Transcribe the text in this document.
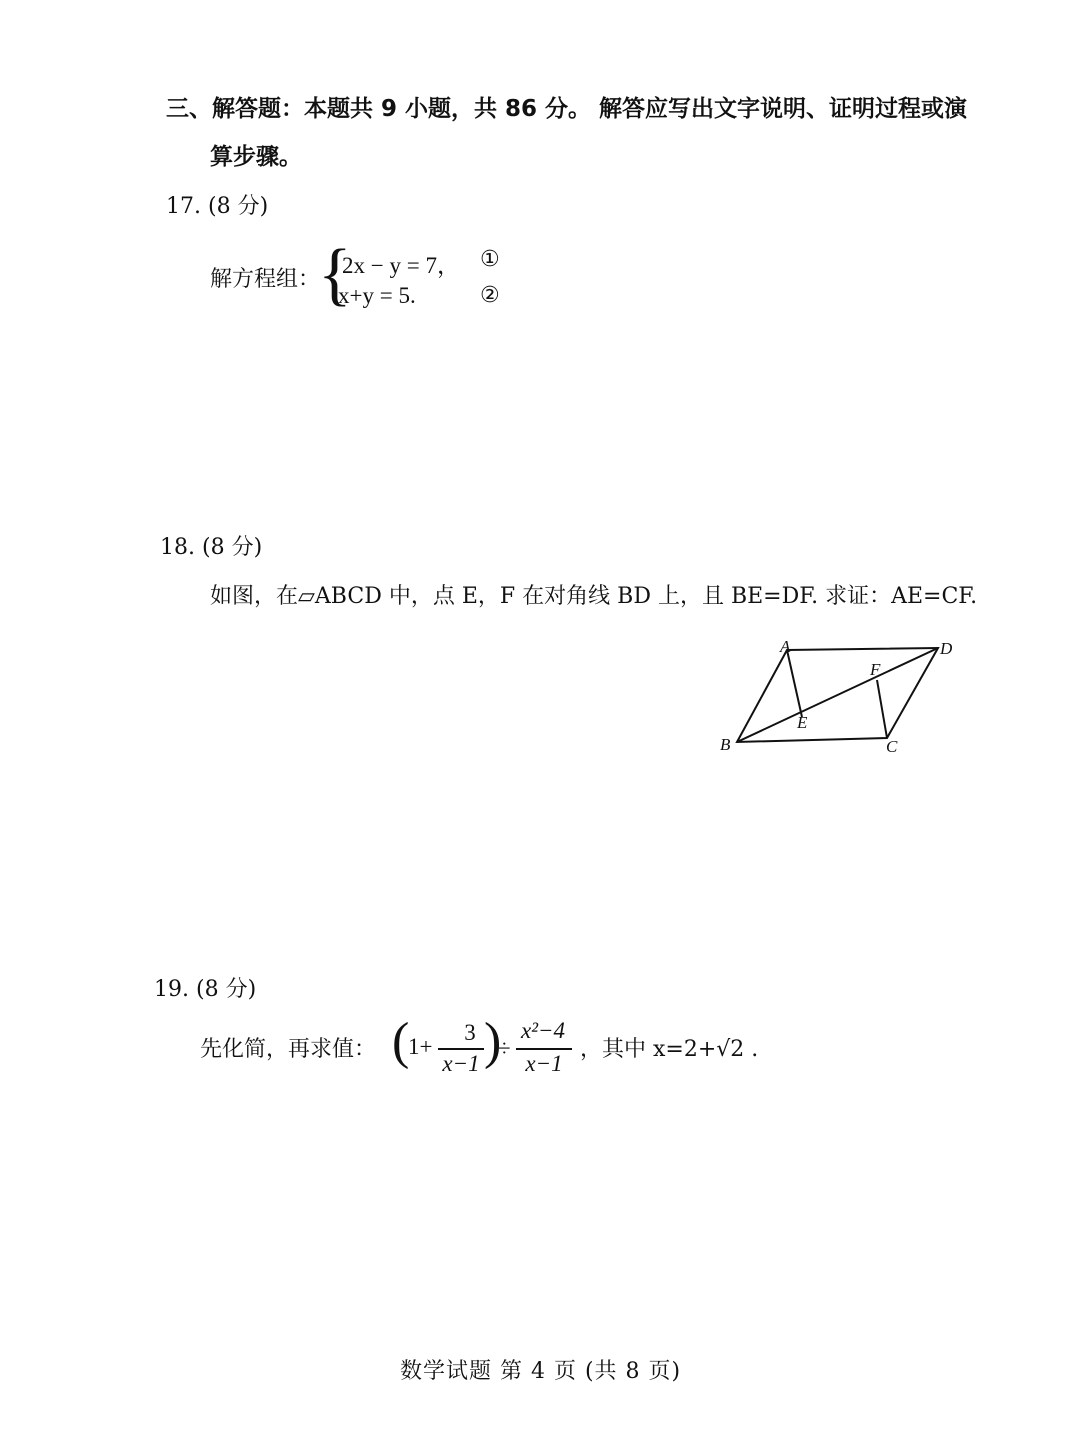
三、解答题：本题共 9 小题，共 86 分。 解答应写出文字说明、证明过程或演
算步骤。
17. (8 分)
解方程组：
{
2x − y = 7， ①
x+y = 5.	②
18. (8 分)
如图，在▱ABCD 中，点 E，F 在对角线 BD 上，且 BE=DF. 求证：AE=CF.
A	D
B	C
E
F
19. (8 分)
先化简，再求值： (
1+
3
x−1 )
÷
x²−4
x−1
，其中 x=2+√2 .
数学试题 第 4 页 (共 8 页)
